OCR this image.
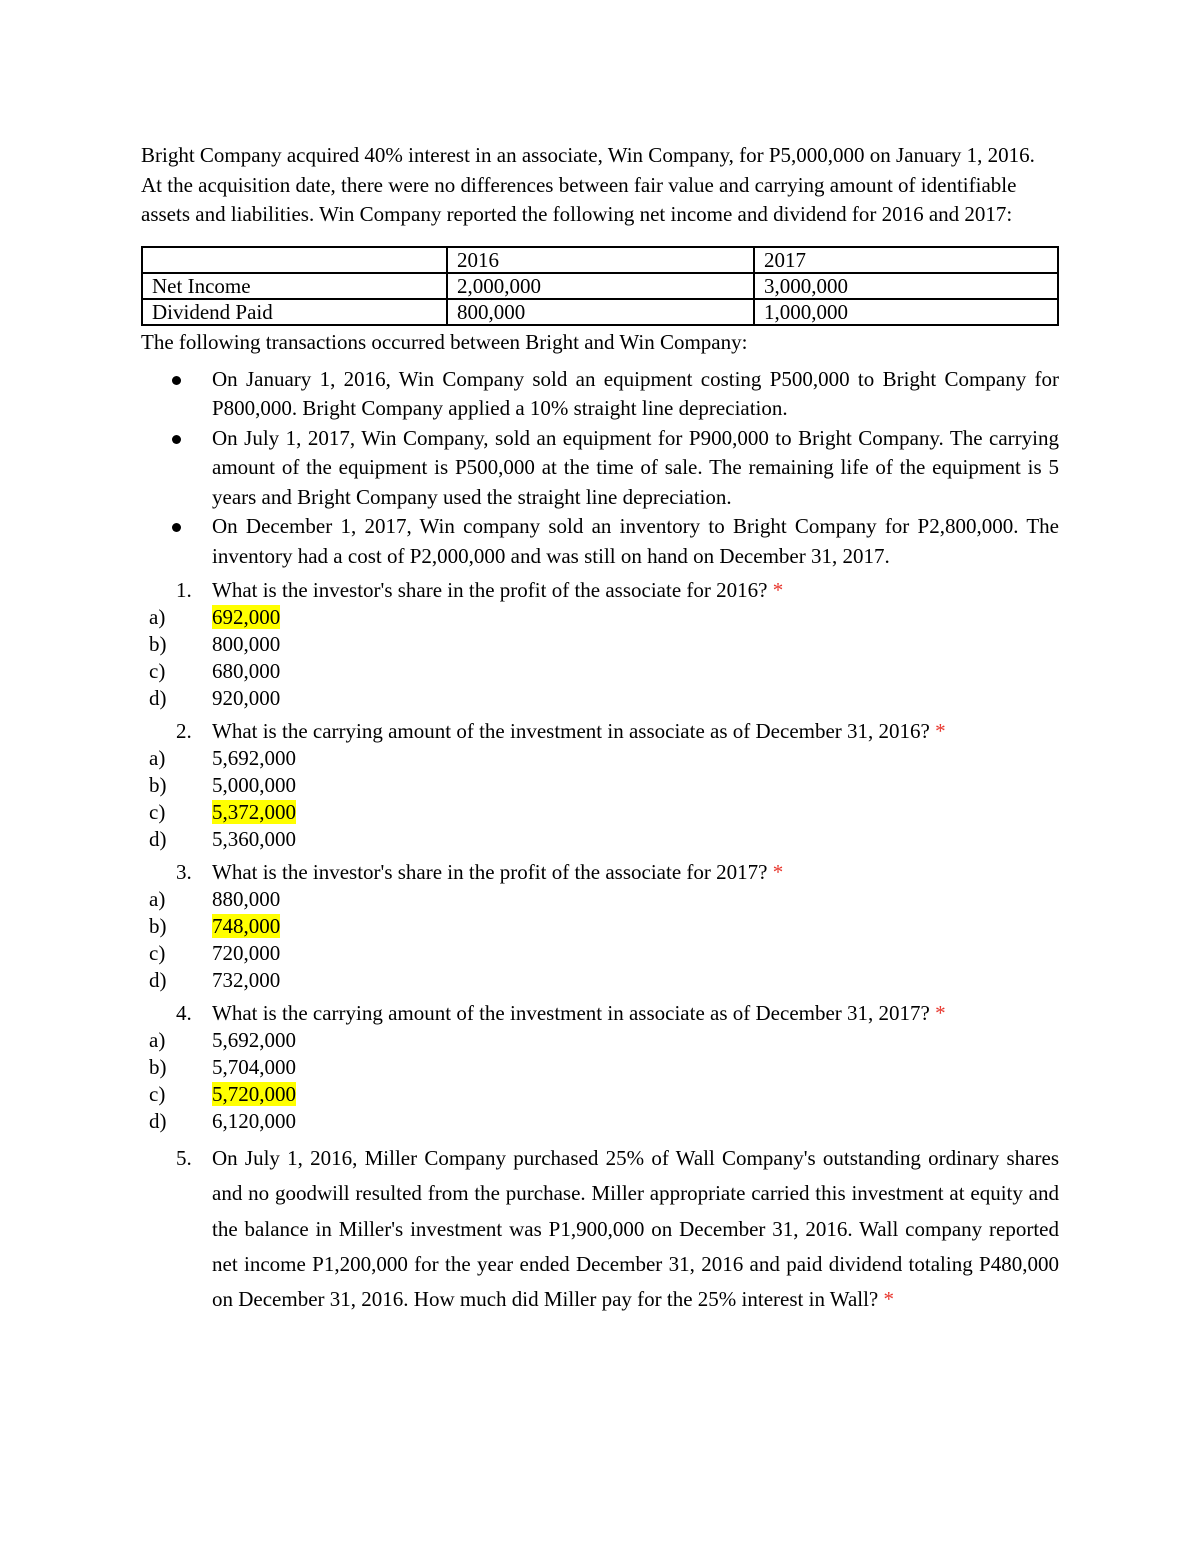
Bright Company acquired 40% interest in an associate, Win Company, for P5,000,000 on January 1, 2016. At the acquisition date, there were no differences between fair value and carrying amount of identifiable assets and liabilities. Win Company reported the following net income and dividend for 2016 and 2017:

	2016	2017
Net Income	2,000,000	3,000,000
Dividend Paid	800,000	1,000,000

The following transactions occurred between Bright and Win Company:

On January 1, 2016, Win Company sold an equipment costing P500,000 to Bright Company for P800,000. Bright Company applied a 10% straight line depreciation.
On July 1, 2017, Win Company, sold an equipment for P900,000 to Bright Company. The carrying amount of the equipment is P500,000 at the time of sale. The remaining life of the equipment is 5 years and Bright Company used the straight line depreciation.
On December 1, 2017, Win company sold an inventory to Bright Company for P2,800,000. The inventory had a cost of P2,000,000 and was still on hand on December 31, 2017.
1. What is the investor's share in the profit of the associate for 2016? *
a) 692,000
b) 800,000
c) 680,000
d) 920,000
2. What is the carrying amount of the investment in associate as of December 31, 2016? *
a) 5,692,000
b) 5,000,000
c) 5,372,000
d) 5,360,000
3. What is the investor's share in the profit of the associate for 2017? *
a) 880,000
b) 748,000
c) 720,000
d) 732,000
4. What is the carrying amount of the investment in associate as of December 31, 2017? *
a) 5,692,000
b) 5,704,000
c) 5,720,000
d) 6,120,000
5. On July 1, 2016, Miller Company purchased 25% of Wall Company's outstanding ordinary shares and no goodwill resulted from the purchase. Miller appropriate carried this investment at equity and the balance in Miller's investment was P1,900,000 on December 31, 2016. Wall company reported net income P1,200,000 for the year ended December 31, 2016 and paid dividend totaling P480,000 on December 31, 2016. How much did Miller pay for the 25% interest in Wall? *
